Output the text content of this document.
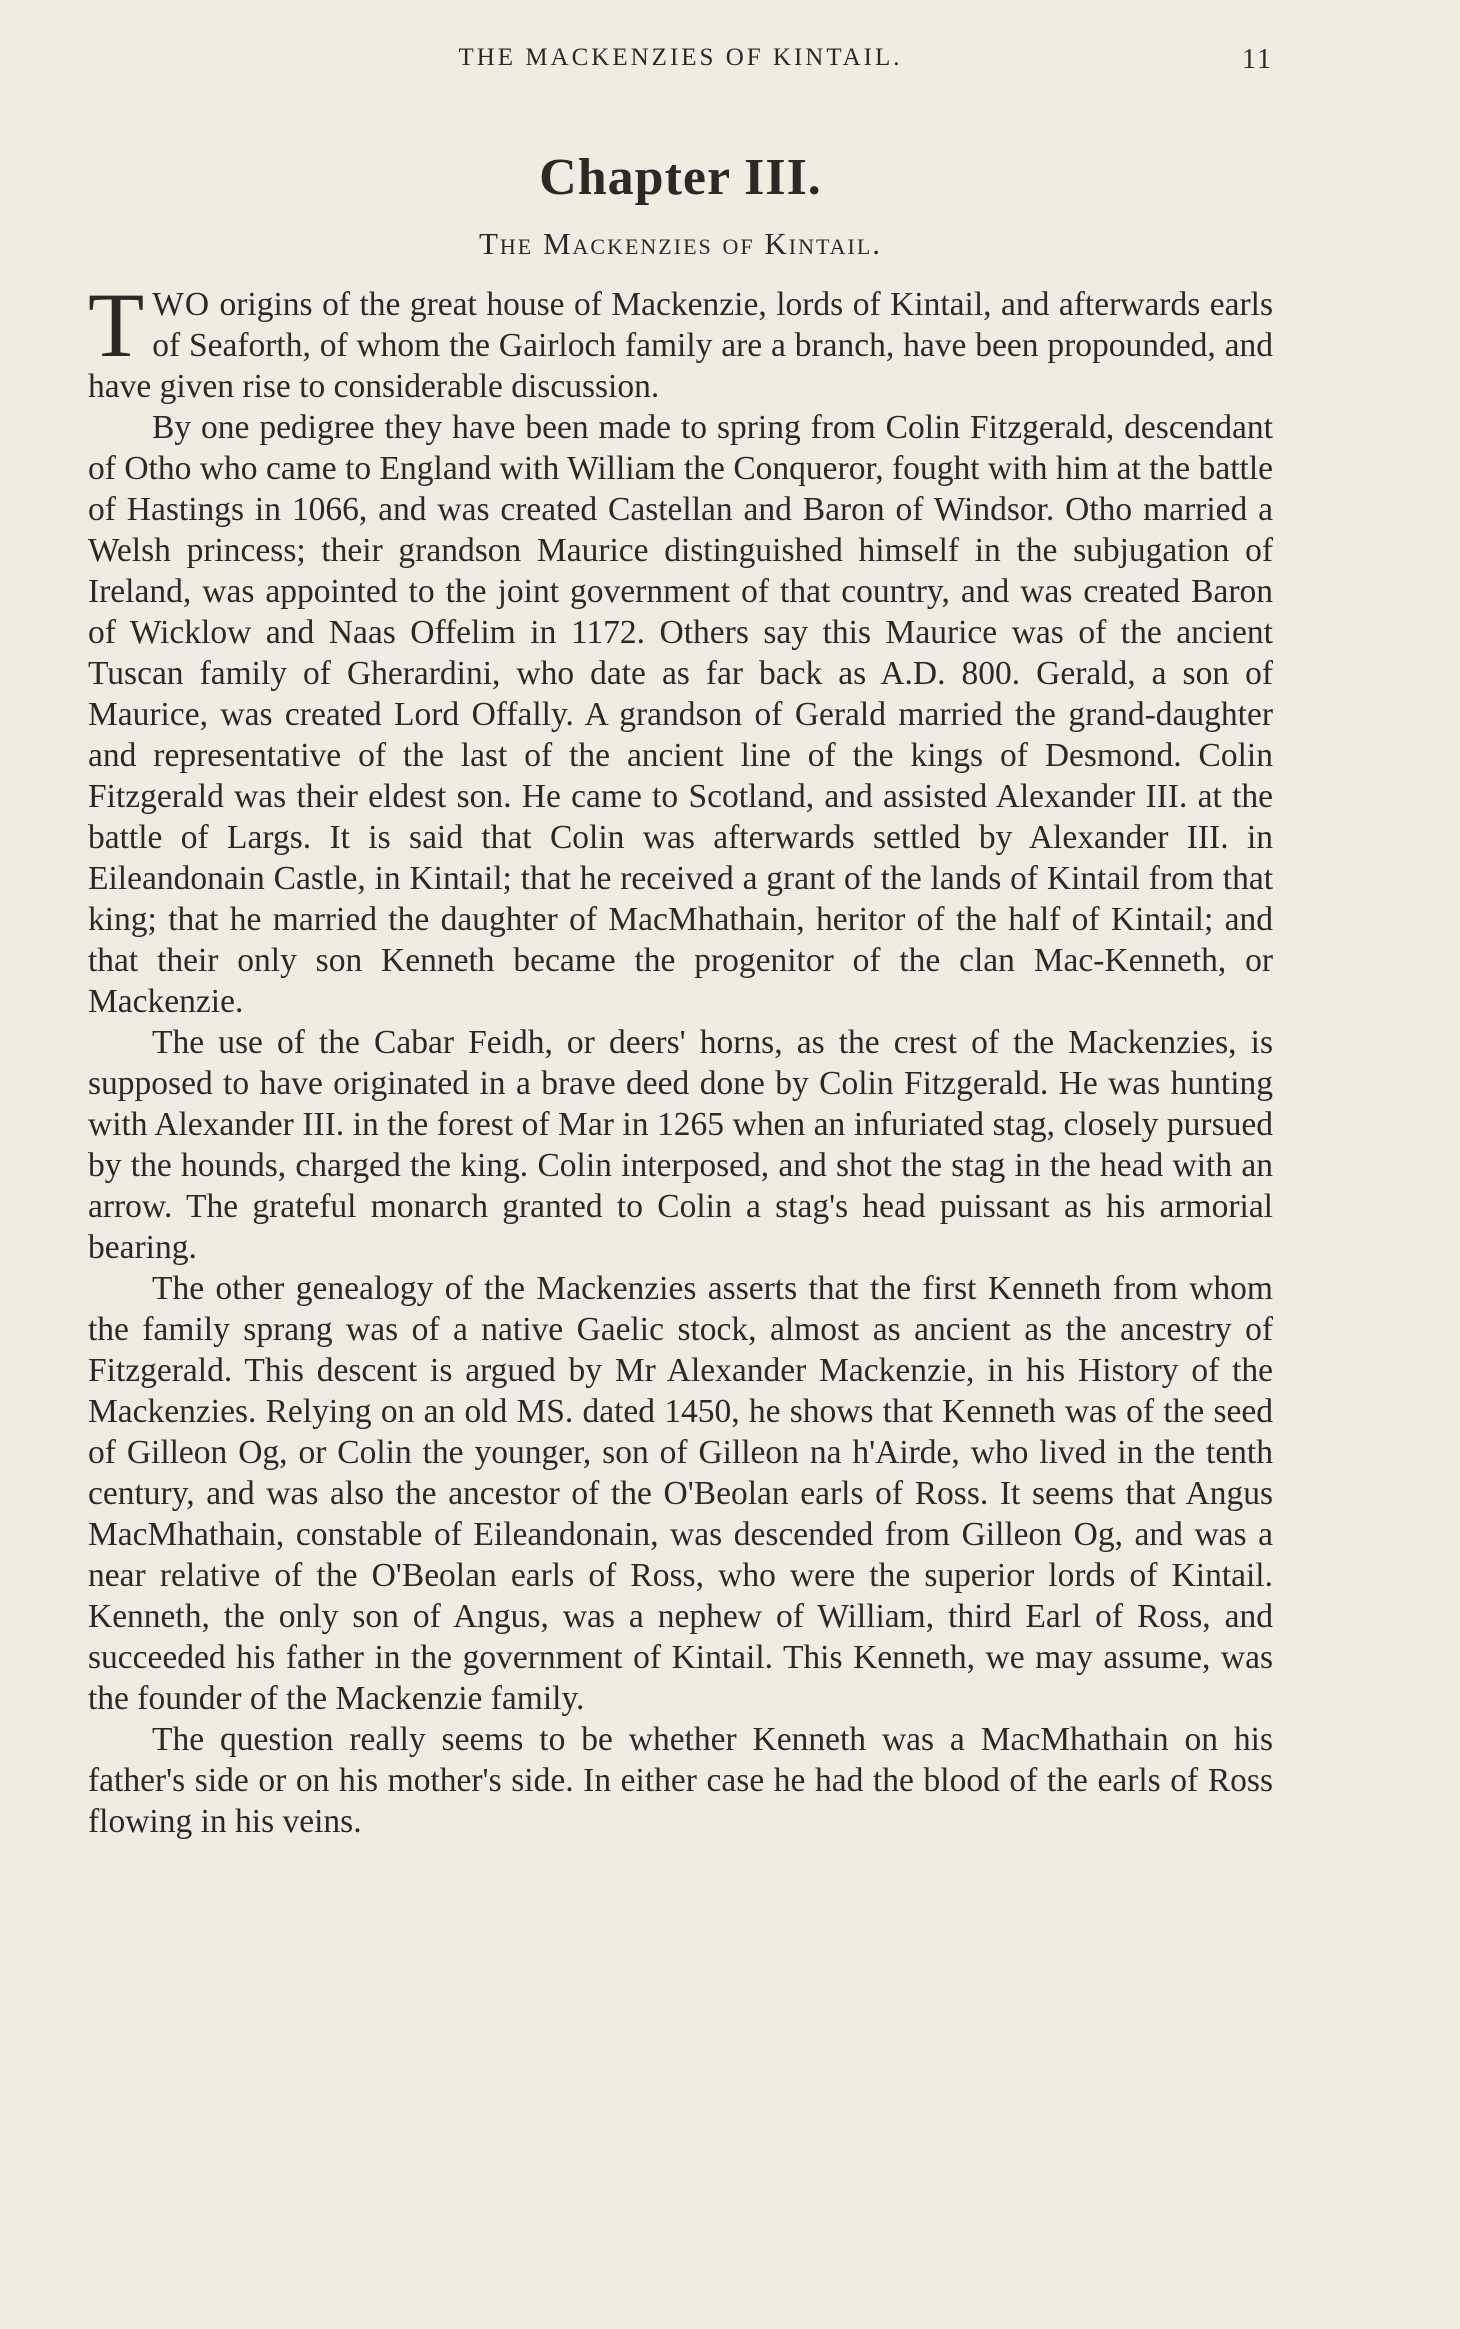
THE MACKENZIES OF KINTAIL.	11
Chapter III.
The Mackenzies of Kintail.

TWO origins of the great house of Mackenzie, lords of Kintail, and afterwards earls of Seaforth, of whom the Gairloch family are a branch, have been propounded, and have given rise to considerable discussion.

By one pedigree they have been made to spring from Colin Fitzgerald, descendant of Otho who came to England with William the Conqueror, fought with him at the battle of Hastings in 1066, and was created Castellan and Baron of Windsor. Otho married a Welsh princess; their grandson Maurice distinguished himself in the subjugation of Ireland, was appointed to the joint government of that country, and was created Baron of Wicklow and Naas Offelim in 1172. Others say this Maurice was of the ancient Tuscan family of Gherardini, who date as far back as A.D. 800. Gerald, a son of Maurice, was created Lord Offally. A grandson of Gerald married the grand-daughter and representative of the last of the ancient line of the kings of Desmond. Colin Fitzgerald was their eldest son. He came to Scotland, and assisted Alexander III. at the battle of Largs. It is said that Colin was afterwards settled by Alexander III. in Eileandonain Castle, in Kintail; that he received a grant of the lands of Kintail from that king; that he married the daughter of MacMhathain, heritor of the half of Kintail; and that their only son Kenneth became the progenitor of the clan Mac-Kenneth, or Mackenzie.

The use of the Cabar Feidh, or deers' horns, as the crest of the Mackenzies, is supposed to have originated in a brave deed done by Colin Fitzgerald. He was hunting with Alexander III. in the forest of Mar in 1265 when an infuriated stag, closely pursued by the hounds, charged the king. Colin interposed, and shot the stag in the head with an arrow. The grateful monarch granted to Colin a stag's head puissant as his armorial bearing.

The other genealogy of the Mackenzies asserts that the first Kenneth from whom the family sprang was of a native Gaelic stock, almost as ancient as the ancestry of Fitzgerald. This descent is argued by Mr Alexander Mackenzie, in his History of the Mackenzies. Relying on an old MS. dated 1450, he shows that Kenneth was of the seed of Gilleon Og, or Colin the younger, son of Gilleon na h'Airde, who lived in the tenth century, and was also the ancestor of the O'Beolan earls of Ross. It seems that Angus MacMhathain, constable of Eileandonain, was descended from Gilleon Og, and was a near relative of the O'Beolan earls of Ross, who were the superior lords of Kintail. Kenneth, the only son of Angus, was a nephew of William, third Earl of Ross, and succeeded his father in the government of Kintail. This Kenneth, we may assume, was the founder of the Mackenzie family.

The question really seems to be whether Kenneth was a MacMhathain on his father's side or on his mother's side. In either case he had the blood of the earls of Ross flowing in his veins.
